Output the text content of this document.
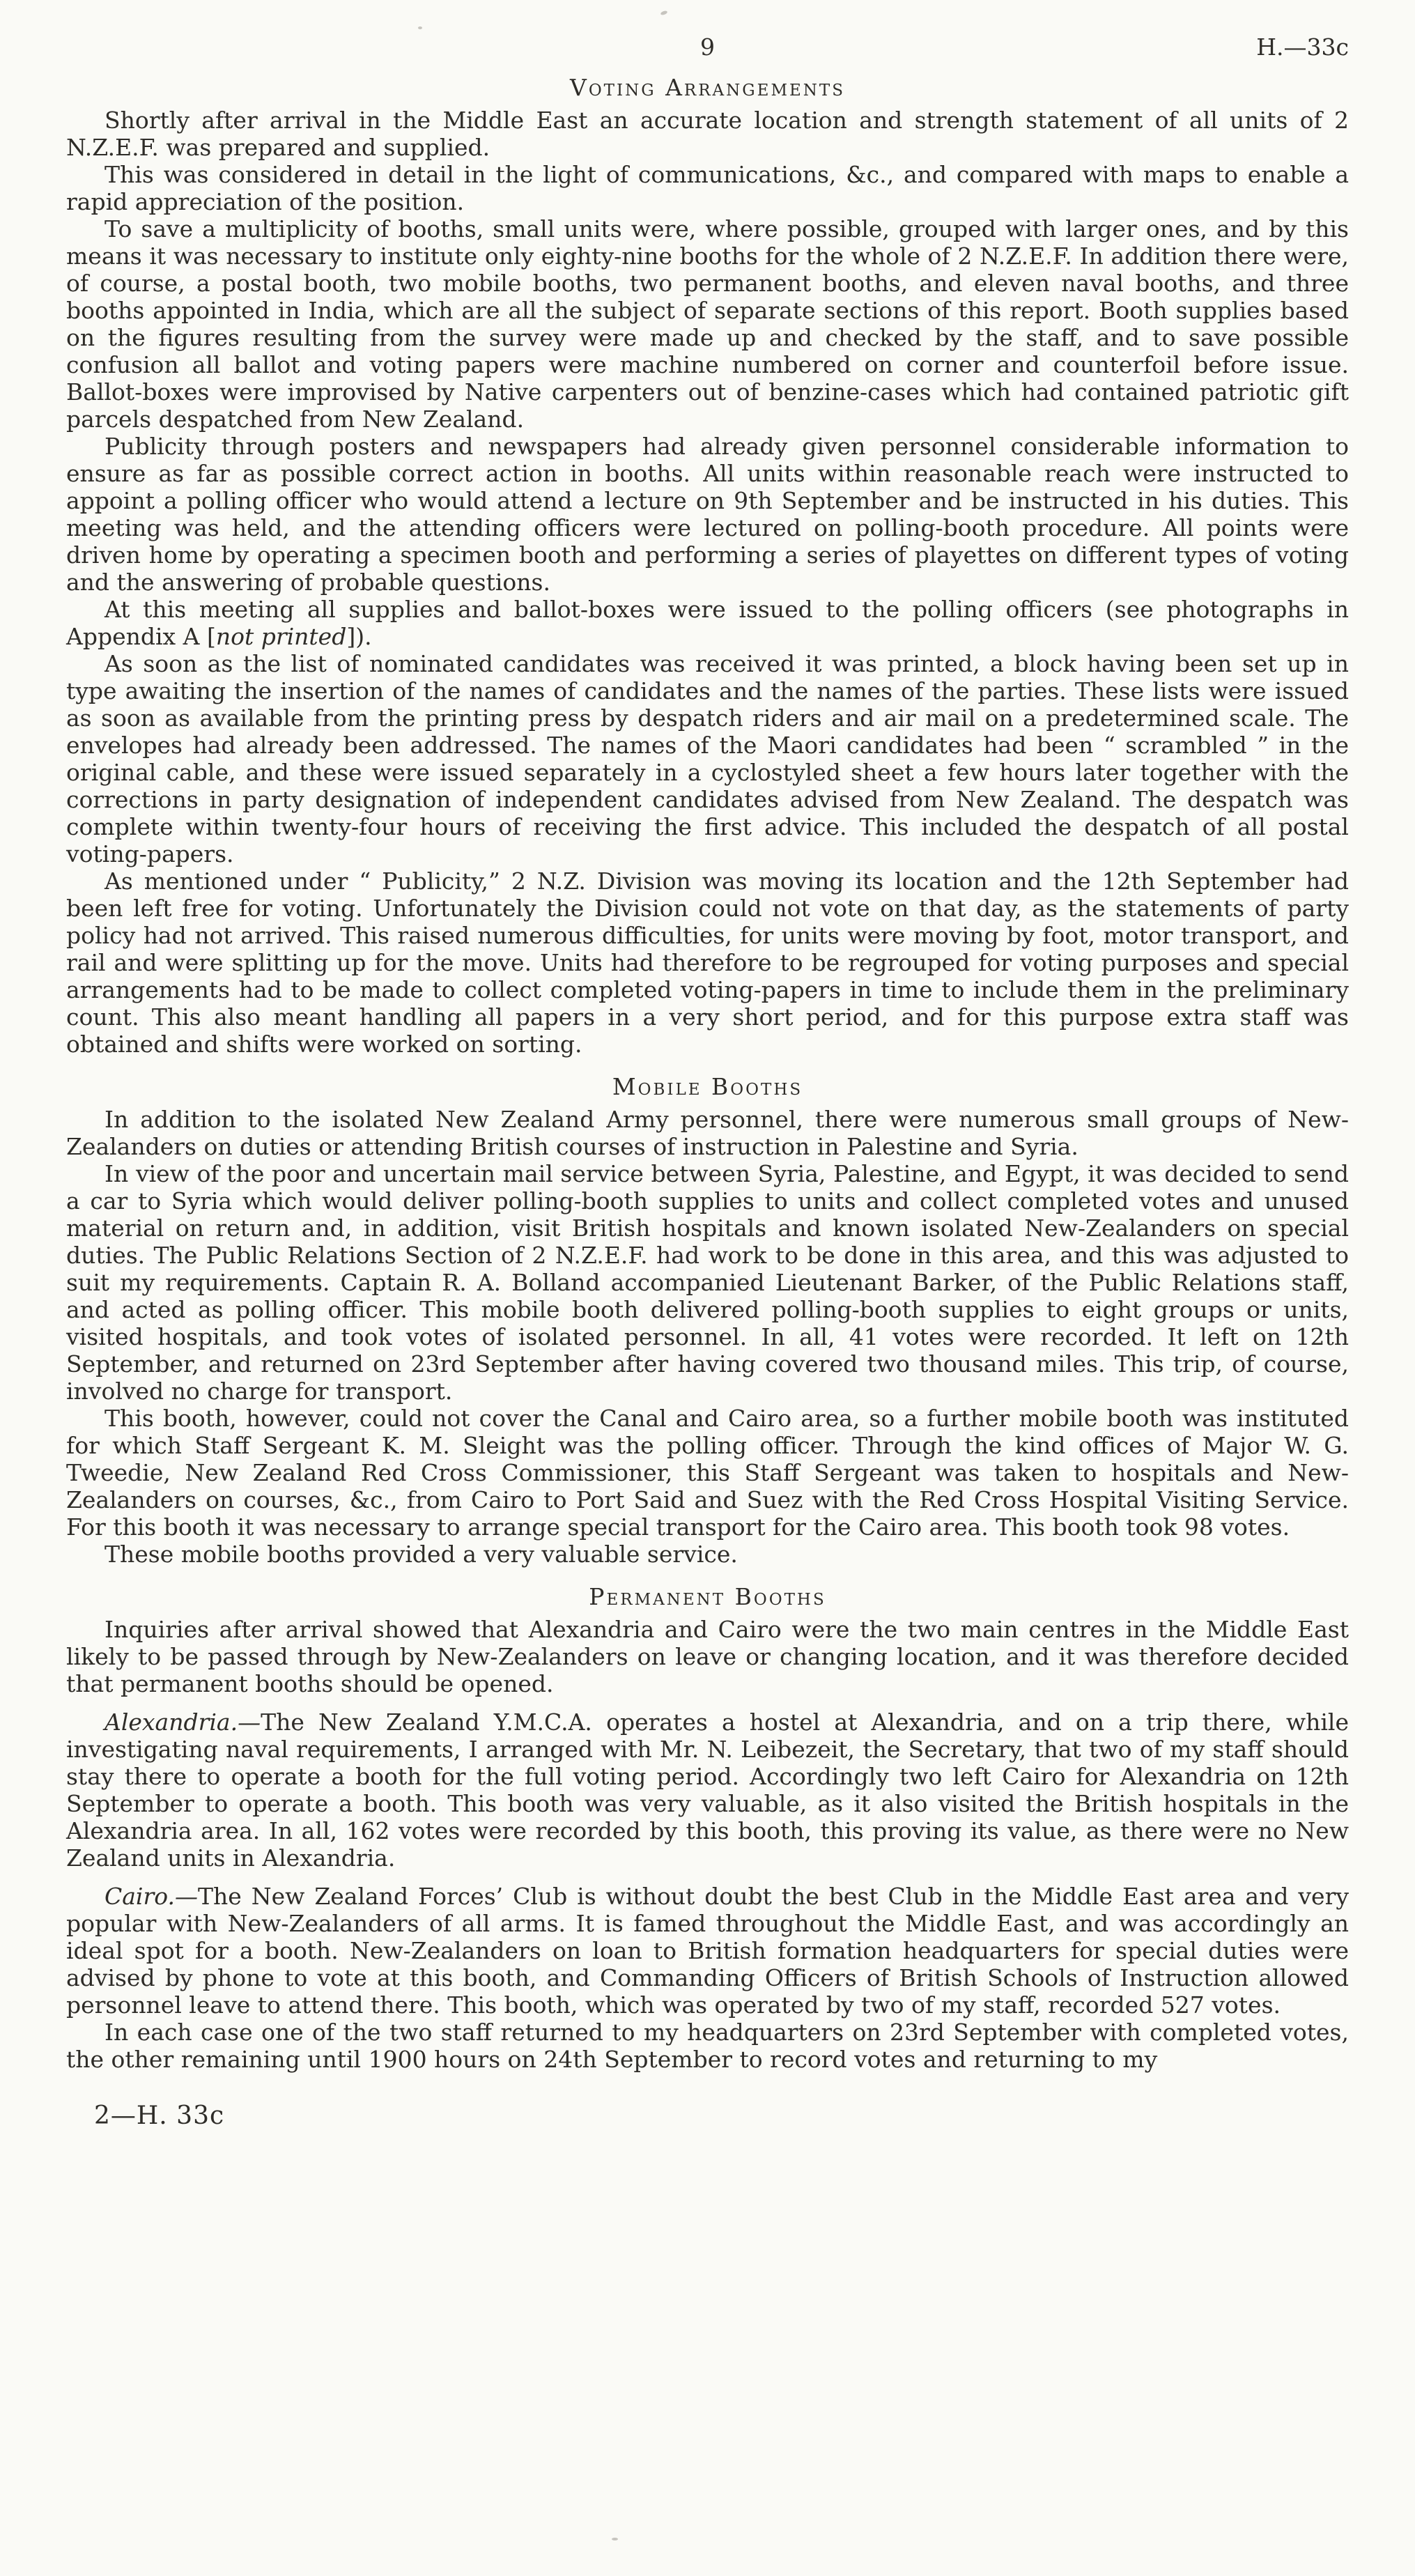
9	H.—33c
Voting Arrangements

Shortly after arrival in the Middle East an accurate location and strength statement of all units of 2 N.Z.E.F. was prepared and supplied.

This was considered in detail in the light of communications, &c., and compared with maps to enable a rapid appreciation of the position.

To save a multiplicity of booths, small units were, where possible, grouped with larger ones, and by this means it was necessary to institute only eighty-nine booths for the whole of 2 N.Z.E.F. In addition there were, of course, a postal booth, two mobile booths, two permanent booths, and eleven naval booths, and three booths appointed in India, which are all the subject of separate sections of this report. Booth supplies based on the figures resulting from the survey were made up and checked by the staff, and to save possible confusion all ballot and voting papers were machine numbered on corner and counterfoil before issue. Ballot-boxes were improvised by Native carpenters out of benzine-cases which had contained patriotic gift parcels despatched from New Zealand.

Publicity through posters and newspapers had already given personnel considerable information to ensure as far as possible correct action in booths. All units within reasonable reach were instructed to appoint a polling officer who would attend a lecture on 9th September and be instructed in his duties. This meeting was held, and the attending officers were lectured on polling-booth procedure. All points were driven home by operating a specimen booth and performing a series of playettes on different types of voting and the answering of probable questions.

At this meeting all supplies and ballot-boxes were issued to the polling officers (see photographs in Appendix A [not printed]).

As soon as the list of nominated candidates was received it was printed, a block having been set up in type awaiting the insertion of the names of candidates and the names of the parties. These lists were issued as soon as available from the printing press by despatch riders and air mail on a predetermined scale. The envelopes had already been addressed. The names of the Maori candidates had been “ scrambled ” in the original cable, and these were issued separately in a cyclostyled sheet a few hours later together with the corrections in party designation of independent candidates advised from New Zealand. The despatch was complete within twenty-four hours of receiving the first advice. This included the despatch of all postal voting-papers.

As mentioned under “ Publicity,” 2 N.Z. Division was moving its location and the 12th September had been left free for voting. Unfortunately the Division could not vote on that day, as the statements of party policy had not arrived. This raised numerous difficulties, for units were moving by foot, motor transport, and rail and were splitting up for the move. Units had therefore to be regrouped for voting purposes and special arrangements had to be made to collect completed voting-papers in time to include them in the preliminary count. This also meant handling all papers in a very short period, and for this purpose extra staff was obtained and shifts were worked on sorting.

Mobile Booths

In addition to the isolated New Zealand Army personnel, there were numerous small groups of New-Zealanders on duties or attending British courses of instruction in Palestine and Syria.

In view of the poor and uncertain mail service between Syria, Palestine, and Egypt, it was decided to send a car to Syria which would deliver polling-booth supplies to units and collect completed votes and unused material on return and, in addition, visit British hospitals and known isolated New-Zealanders on special duties. The Public Relations Section of 2 N.Z.E.F. had work to be done in this area, and this was adjusted to suit my requirements. Captain R. A. Bolland accompanied Lieutenant Barker, of the Public Relations staff, and acted as polling officer. This mobile booth delivered polling-booth supplies to eight groups or units, visited hospitals, and took votes of isolated personnel. In all, 41 votes were recorded. It left on 12th September, and returned on 23rd September after having covered two thousand miles. This trip, of course, involved no charge for transport.

This booth, however, could not cover the Canal and Cairo area, so a further mobile booth was instituted for which Staff Sergeant K. M. Sleight was the polling officer. Through the kind offices of Major W. G. Tweedie, New Zealand Red Cross Commissioner, this Staff Sergeant was taken to hospitals and New-Zealanders on courses, &c., from Cairo to Port Said and Suez with the Red Cross Hospital Visiting Service. For this booth it was necessary to arrange special transport for the Cairo area. This booth took 98 votes.

These mobile booths provided a very valuable service.

Permanent Booths

Inquiries after arrival showed that Alexandria and Cairo were the two main centres in the Middle East likely to be passed through by New-Zealanders on leave or changing location, and it was therefore decided that permanent booths should be opened.

Alexandria.—The New Zealand Y.M.C.A. operates a hostel at Alexandria, and on a trip there, while investigating naval requirements, I arranged with Mr. N. Leibezeit, the Secretary, that two of my staff should stay there to operate a booth for the full voting period. Accordingly two left Cairo for Alexandria on 12th September to operate a booth. This booth was very valuable, as it also visited the British hospitals in the Alexandria area. In all, 162 votes were recorded by this booth, this proving its value, as there were no New Zealand units in Alexandria.

Cairo.—The New Zealand Forces’ Club is without doubt the best Club in the Middle East area and very popular with New-Zealanders of all arms. It is famed throughout the Middle East, and was accordingly an ideal spot for a booth. New-Zealanders on loan to British formation headquarters for special duties were advised by phone to vote at this booth, and Commanding Officers of British Schools of Instruction allowed personnel leave to attend there. This booth, which was operated by two of my staff, recorded 527 votes.

In each case one of the two staff returned to my headquarters on 23rd September with completed votes, the other remaining until 1900 hours on 24th September to record votes and returning to my

2—H. 33c
